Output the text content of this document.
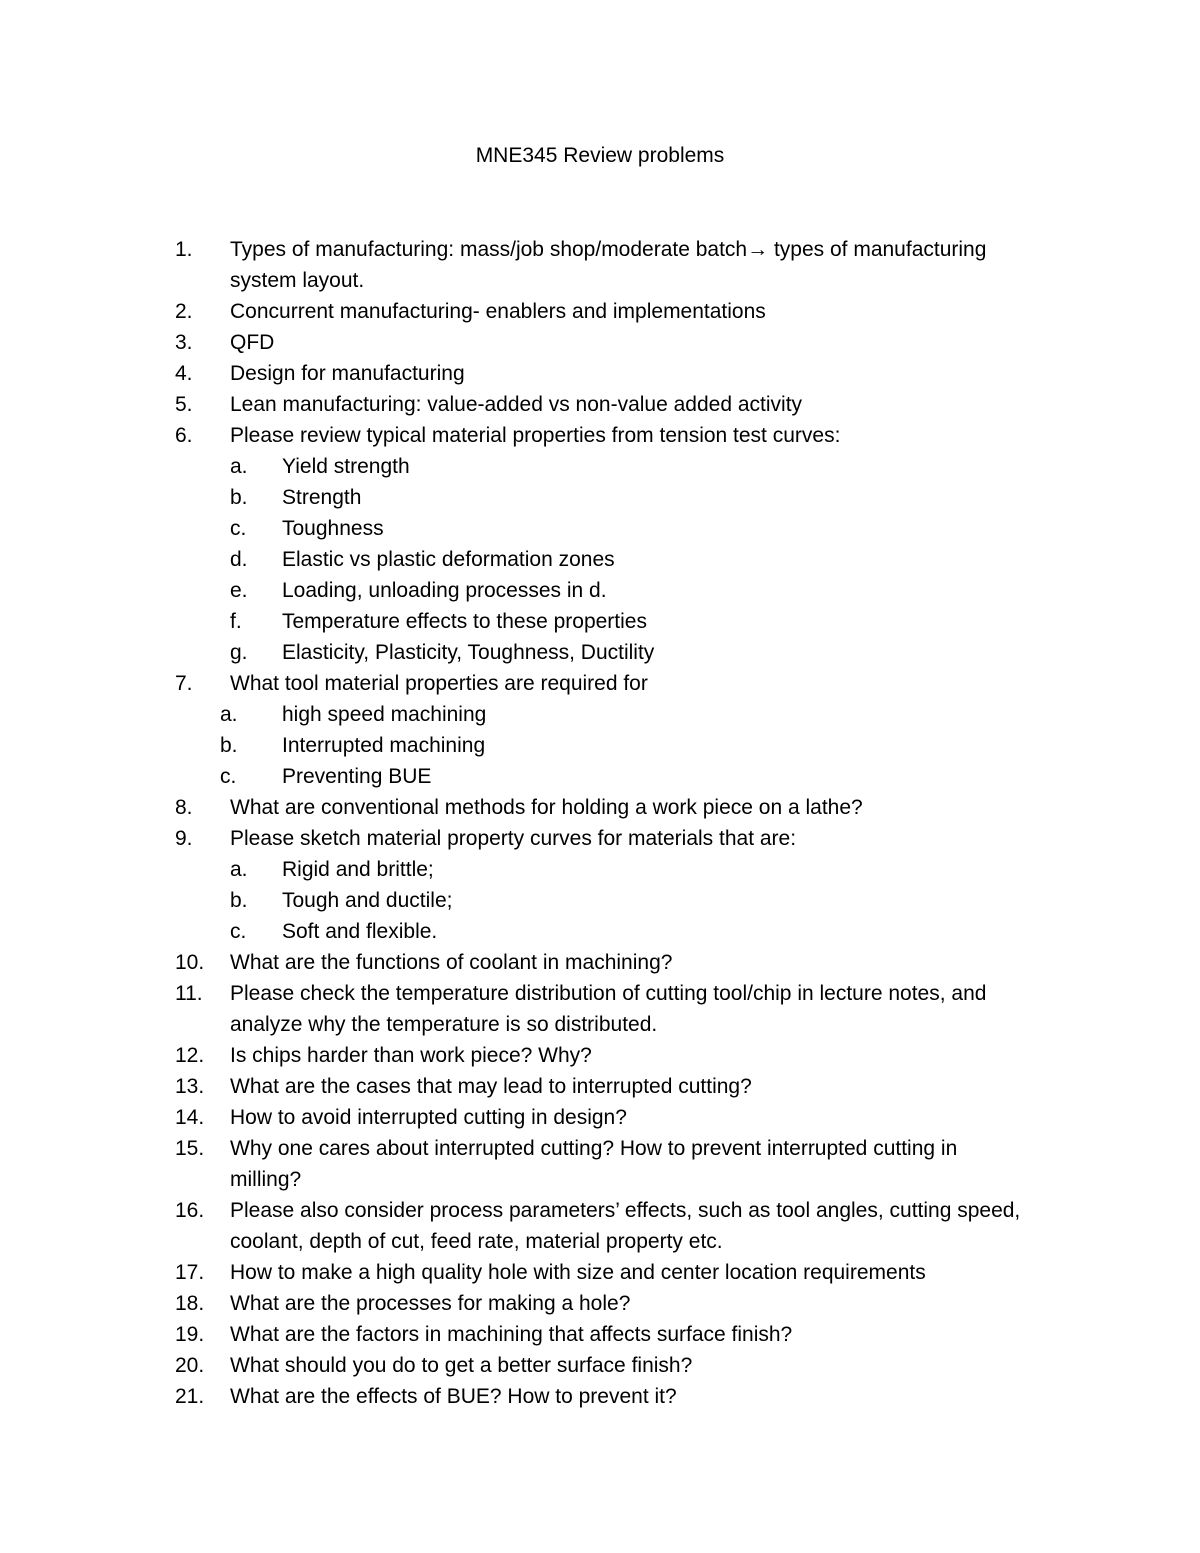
MNE345 Review problems
1. Types of manufacturing: mass/job shop/moderate batch→ types of manufacturing
system layout.
2. Concurrent manufacturing- enablers and implementations
3. QFD
4. Design for manufacturing
5. Lean manufacturing: value-added vs non-value added activity
6. Please review typical material properties from tension test curves:
a. Yield strength
b. Strength
c. Toughness
d. Elastic vs plastic deformation zones
e. Loading, unloading processes in d.
f. Temperature effects to these properties
g. Elasticity, Plasticity, Toughness, Ductility
7. What tool material properties are required for
a. high speed machining
b. Interrupted machining
c. Preventing BUE
8. What are conventional methods for holding a work piece on a lathe?
9. Please sketch material property curves for materials that are:
a. Rigid and brittle;
b. Tough and ductile;
c. Soft and flexible.
10. What are the functions of coolant in machining?
11. Please check the temperature distribution of cutting tool/chip in lecture notes, and
analyze why the temperature is so distributed.
12. Is chips harder than work piece? Why?
13. What are the cases that may lead to interrupted cutting?
14. How to avoid interrupted cutting in design?
15. Why one cares about interrupted cutting? How to prevent interrupted cutting in
milling?
16. Please also consider process parameters’ effects, such as tool angles, cutting speed,
coolant, depth of cut, feed rate, material property etc.
17. How to make a high quality hole with size and center location requirements
18. What are the processes for making a hole?
19. What are the factors in machining that affects surface finish?
20. What should you do to get a better surface finish?
21. What are the effects of BUE? How to prevent it?
